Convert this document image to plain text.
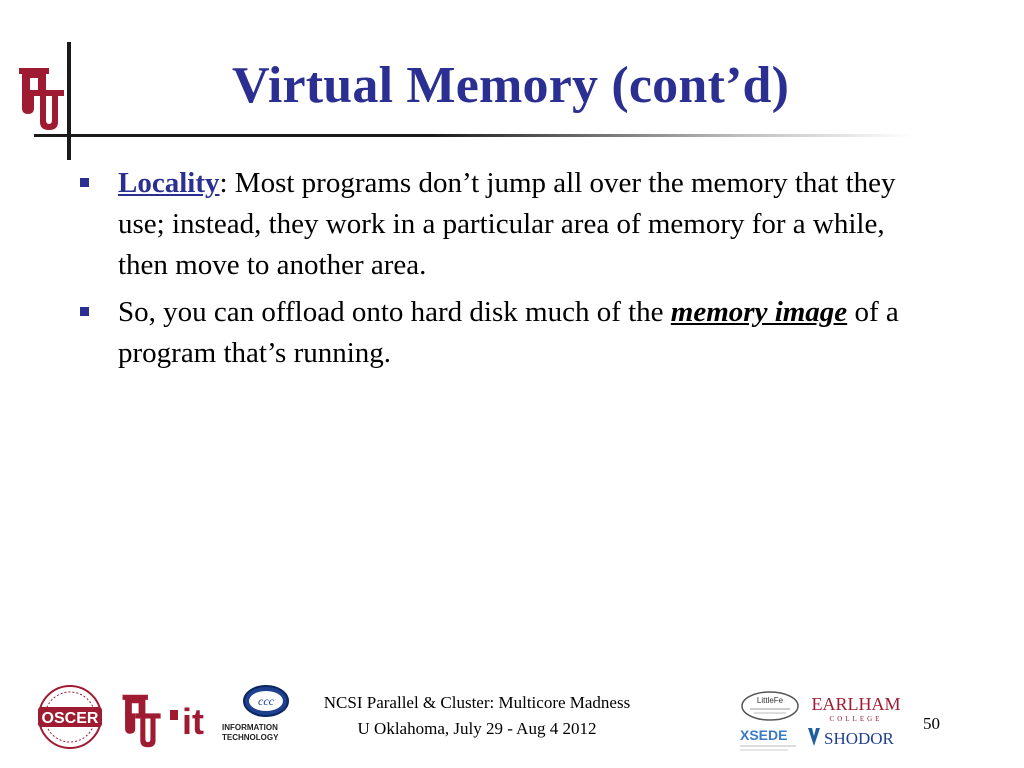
Virtual Memory (cont’d)
Locality: Most programs don’t jump all over the memory that they use; instead, they work in a particular area of memory for a while, then move to another area.
So, you can offload onto hard disk much of the memory image of a program that’s running.
OSCER it INFORMATION
TECHNOLOGY
ccc	NCSI Parallel & Cluster: Multicore Madness
U Oklahoma, July 29 - Aug 4 2012
LittleFe EARLHAM
COLLEGE
XSEDE SHODOR
50
